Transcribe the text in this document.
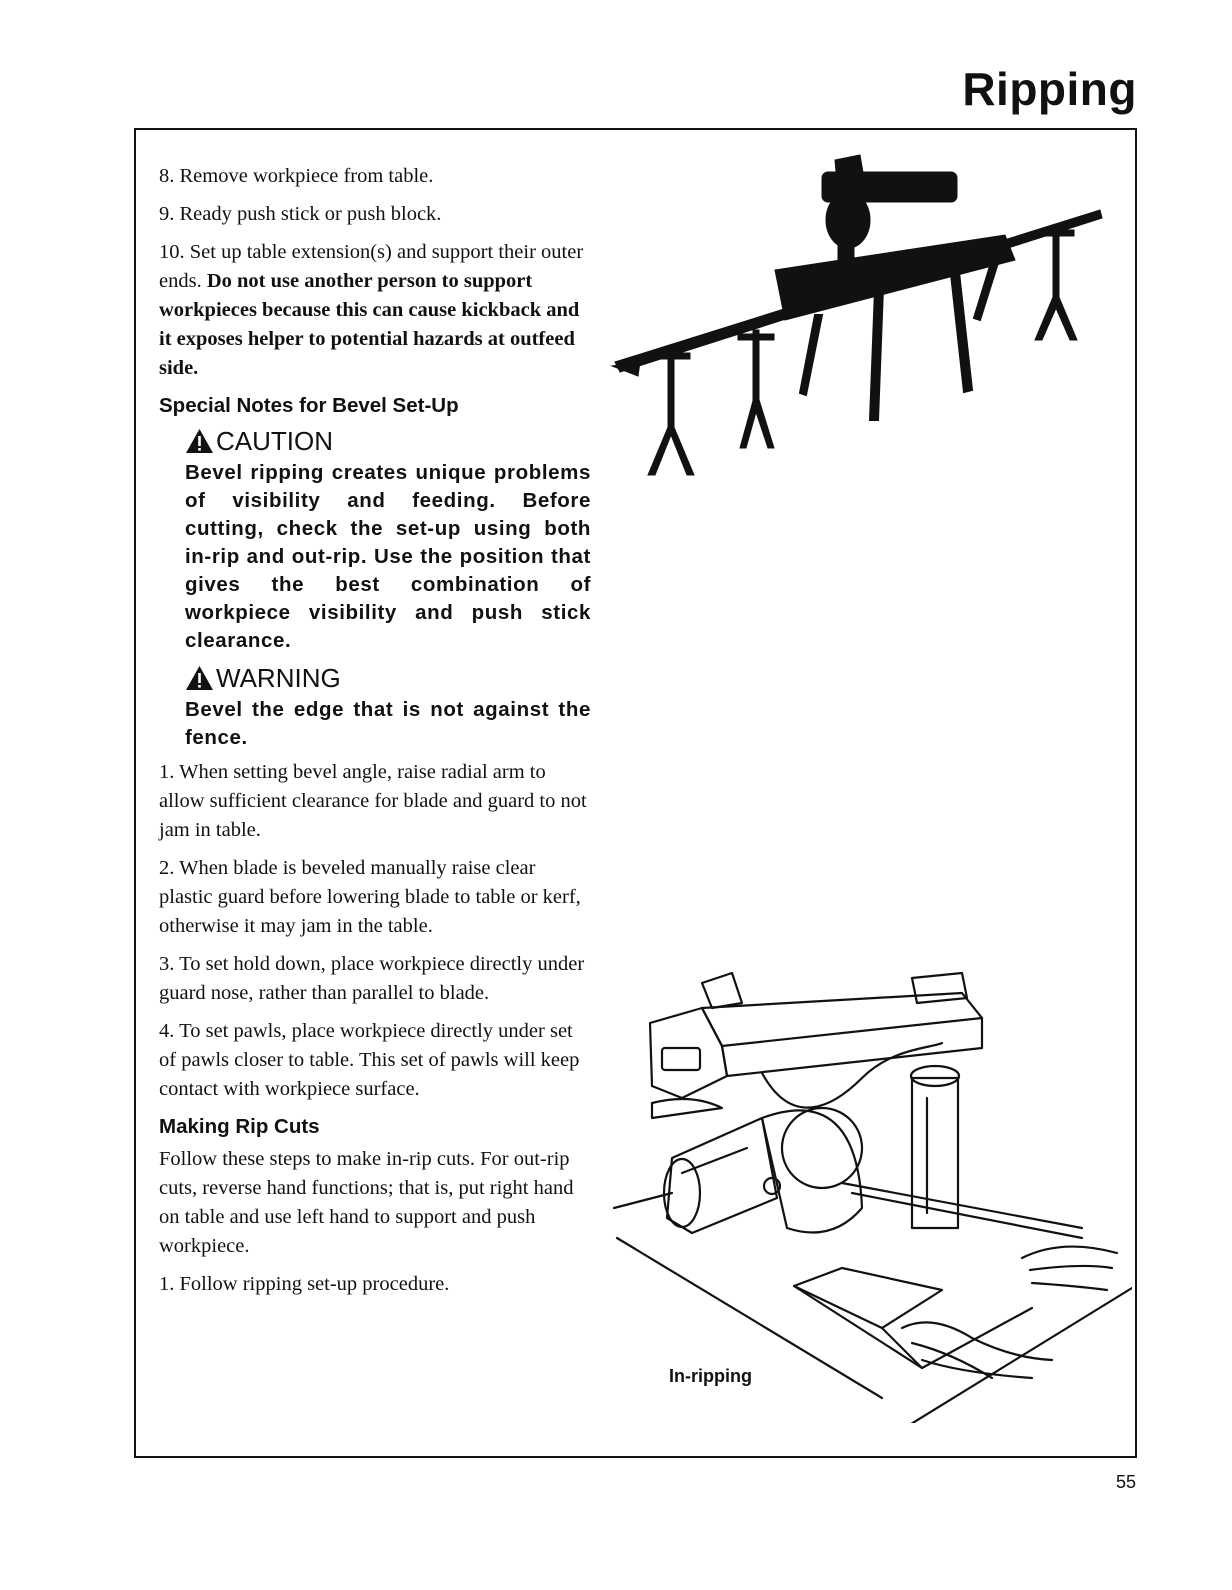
Ripping

8. Remove workpiece from table.

9. Ready push stick or push block.

10. Set up table extension(s) and support their outer ends. Do not use another person to support workpieces because this can cause kickback and it exposes helper to potential hazards at outfeed side.

Special Notes for Bevel Set-Up
CAUTION
Bevel ripping creates unique problems of visibility and feeding. Before cutting, check the set-up using both in-rip and out-rip. Use the position that gives the best combination of workpiece visibility and push stick clearance.
WARNING
Bevel the edge that is not against the fence.

1. When setting bevel angle, raise radial arm to allow sufficient clearance for blade and guard to not jam in table.

2. When blade is beveled manually raise clear plastic guard before lowering blade to table or kerf, otherwise it may jam in the table.

3. To set hold down, place workpiece directly under guard nose, rather than parallel to blade.

4. To set pawls, place workpiece directly under set of pawls closer to table. This set of pawls will keep contact with workpiece surface.

Making Rip Cuts

Follow these steps to make in-rip cuts. For out-rip cuts, reverse hand functions; that is, put right hand on table and use left hand to support and push workpiece.

1. Follow ripping set-up procedure.

In-ripping
55
